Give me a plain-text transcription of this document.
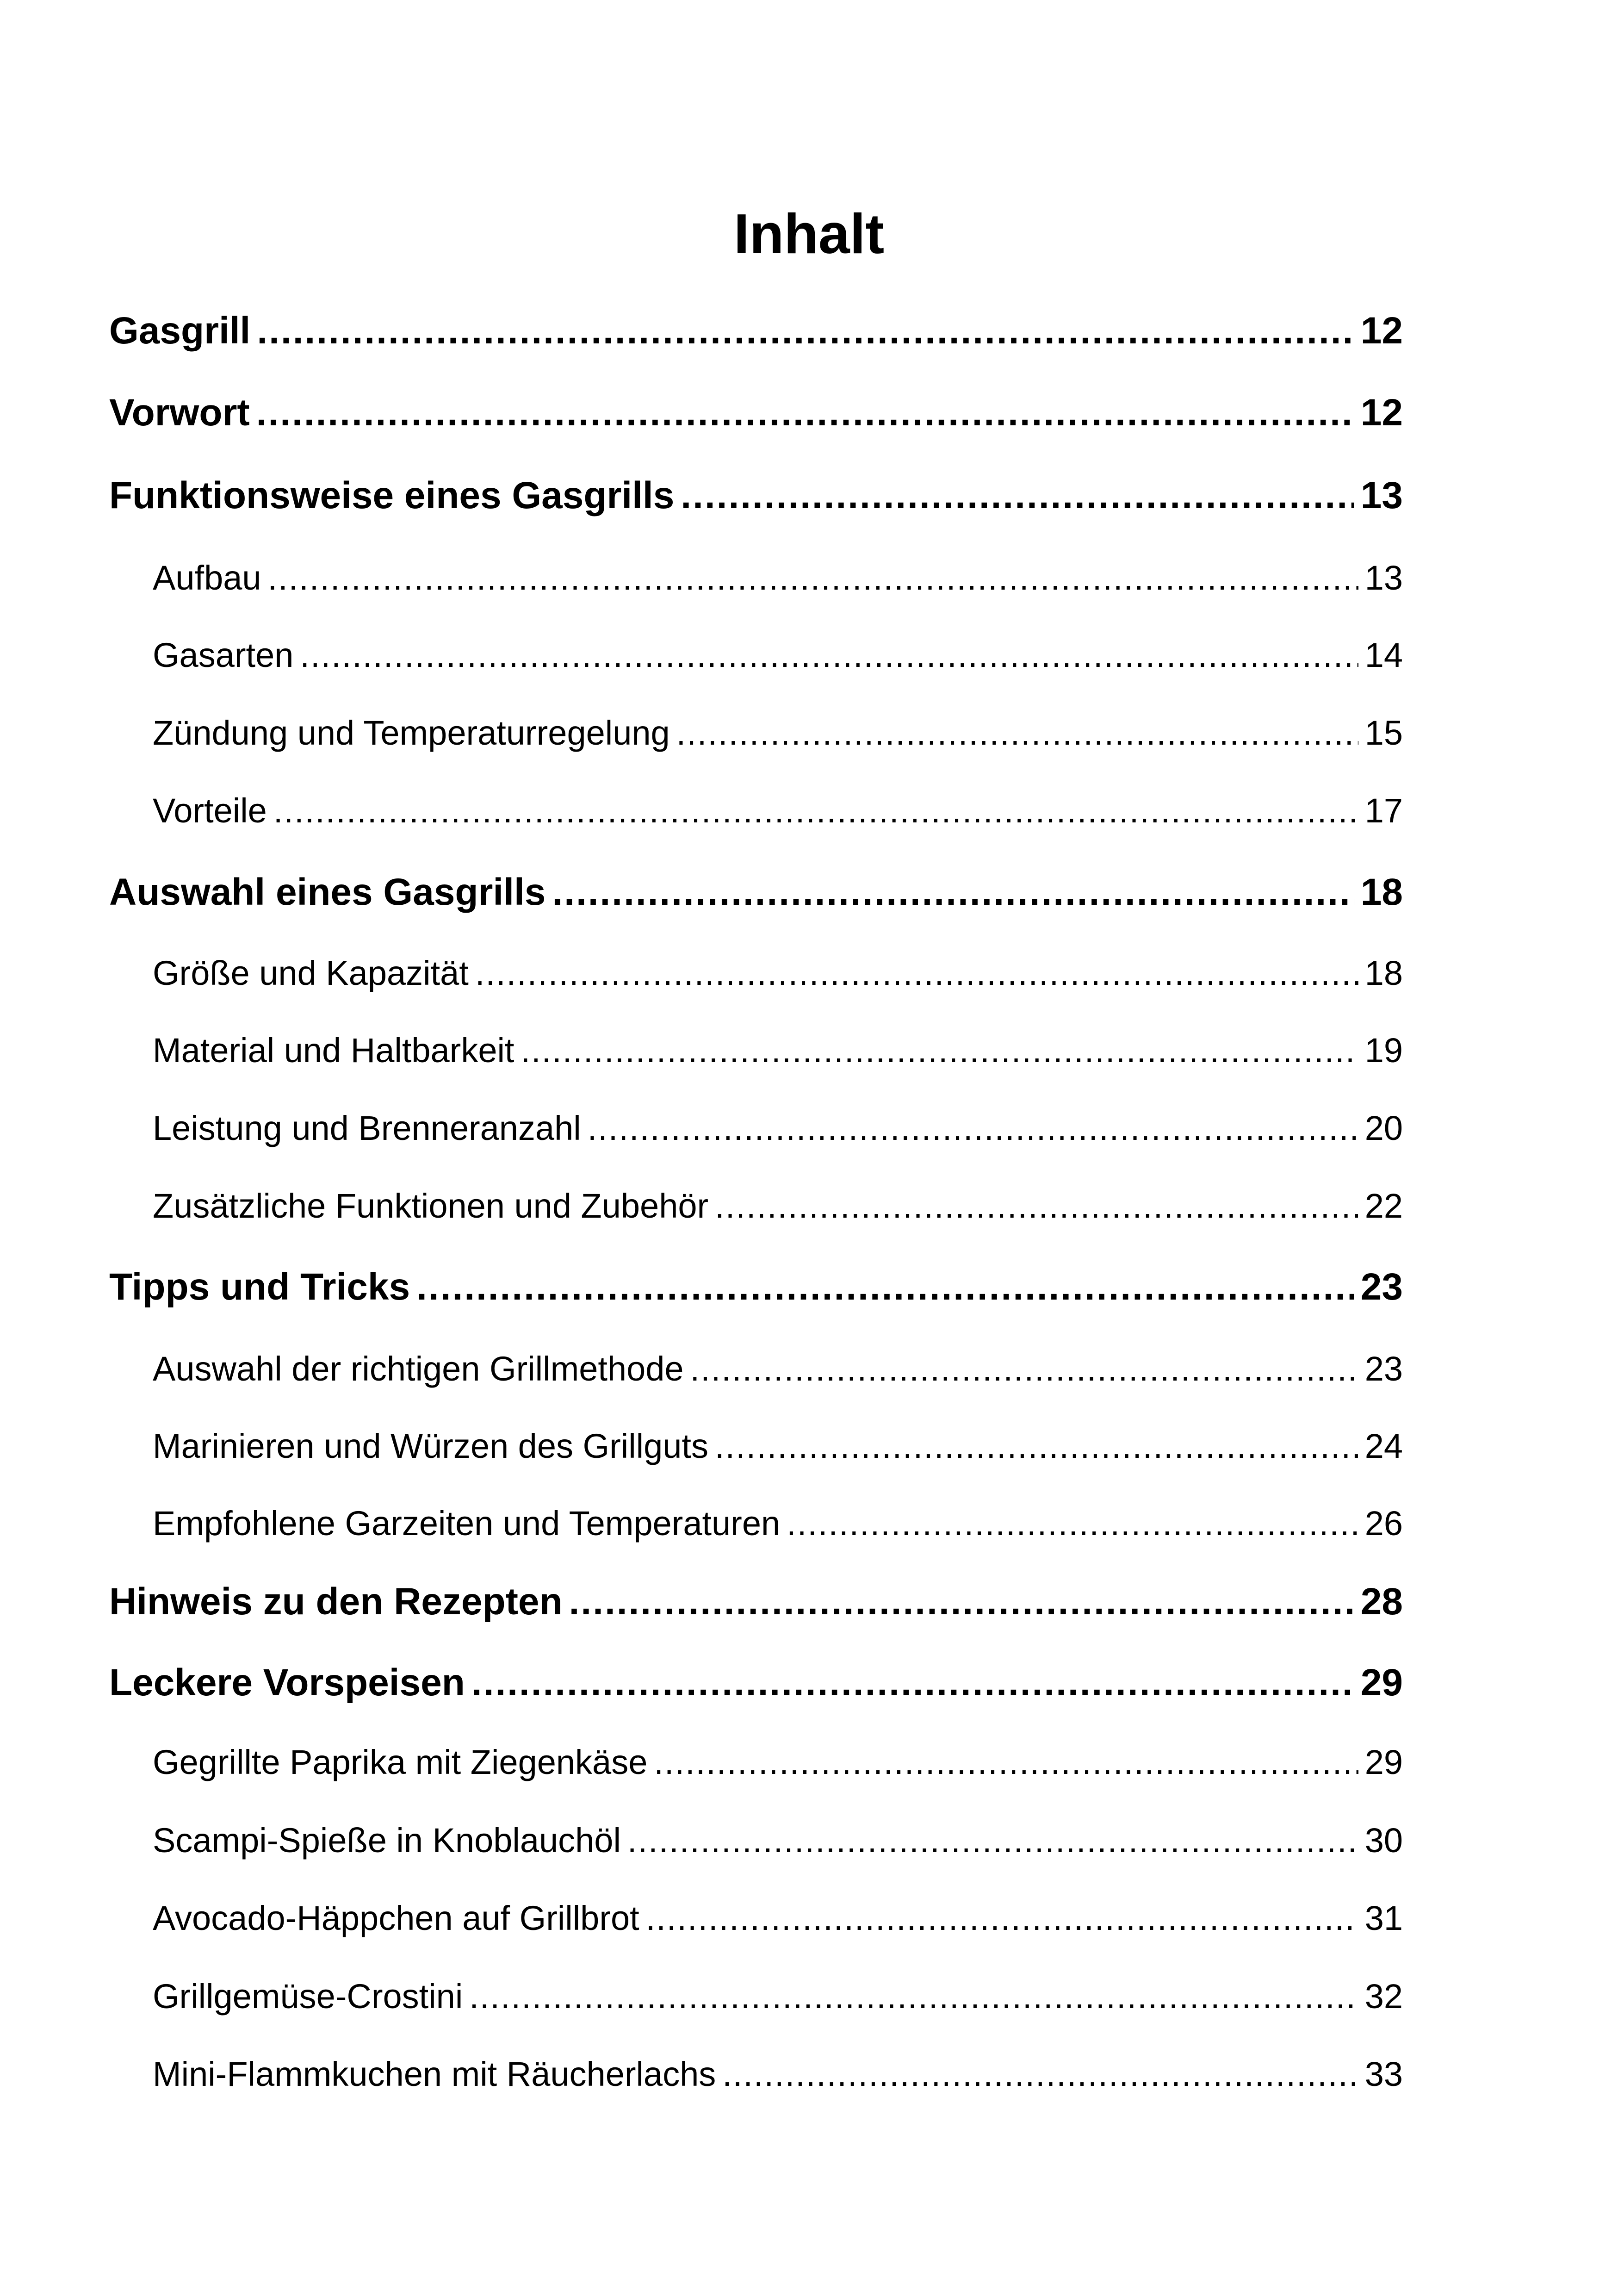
Inhalt
Gasgrill .....	12
Vorwort .....	12
Funktionsweise eines Gasgrills .....	13
Aufbau .....	13
Gasarten .....	14
Zündung und Temperaturregelung .....	15
Vorteile .....	17
Auswahl eines Gasgrills .....	18
Größe und Kapazität .....	18
Material und Haltbarkeit .....	19
Leistung und Brenneranzahl .....	20
Zusätzliche Funktionen und Zubehör .....	22
Tipps und Tricks .....	23
Auswahl der richtigen Grillmethode .....	23
Marinieren und Würzen des Grillguts .....	24
Empfohlene Garzeiten und Temperaturen .....	26
Hinweis zu den Rezepten .....	28
Leckere Vorspeisen .....	29
Gegrillte Paprika mit Ziegenkäse .....	29
Scampi-Spieße in Knoblauchöl .....	30
Avocado-Häppchen auf Grillbrot .....	31
Grillgemüse-Crostini .....	32
Mini-Flammkuchen mit Räucherlachs .....	33
